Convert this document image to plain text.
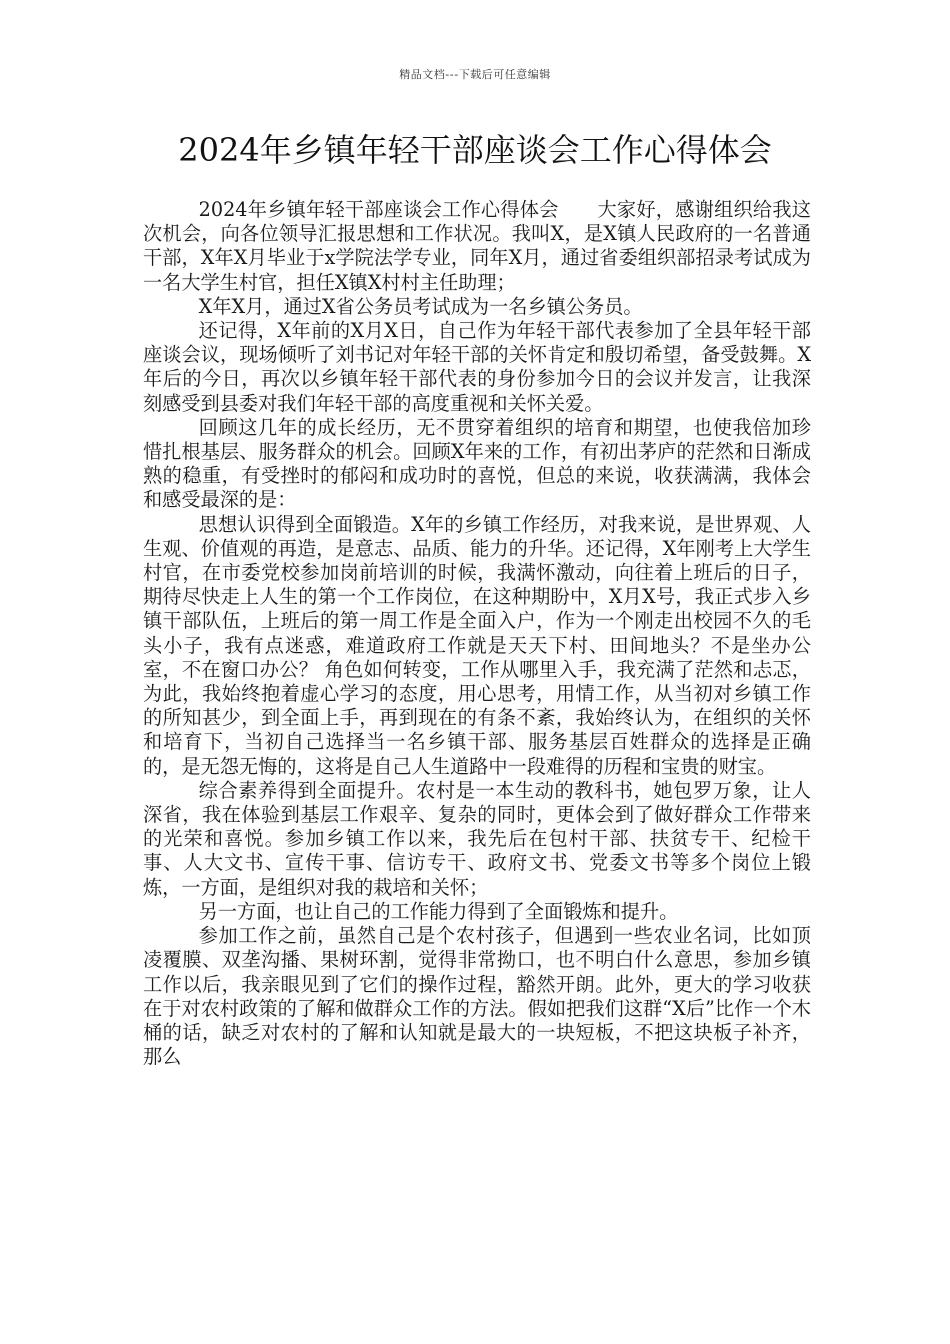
精品文档---下载后可任意编辑
2024年乡镇年轻干部座谈会工作心得体会

2024年乡镇年轻干部座谈会工作心得体会　　大家好，感谢组织给我这次机会，向各位领导汇报思想和工作状况。我叫X，是X镇人民政府的一名普通干部，X年X月毕业于x学院法学专业，同年X月，通过省委组织部招录考试成为一名大学生村官，担任X镇X村村主任助理；

X年X月，通过X省公务员考试成为一名乡镇公务员。

还记得，X年前的X月X日，自己作为年轻干部代表参加了全县年轻干部座谈会议，现场倾听了刘书记对年轻干部的关怀肯定和殷切希望，备受鼓舞。X年后的今日，再次以乡镇年轻干部代表的身份参加今日的会议并发言，让我深刻感受到县委对我们年轻干部的高度重视和关怀关爱。

回顾这几年的成长经历，无不贯穿着组织的培育和期望，也使我倍加珍惜扎根基层、服务群众的机会。回顾X年来的工作，有初出茅庐的茫然和日渐成熟的稳重，有受挫时的郁闷和成功时的喜悦，但总的来说，收获满满，我体会和感受最深的是：

思想认识得到全面锻造。X年的乡镇工作经历，对我来说，是世界观、人生观、价值观的再造，是意志、品质、能力的升华。还记得，X年刚考上大学生村官，在市委党校参加岗前培训的时候，我满怀激动，向往着上班后的日子，期待尽快走上人生的第一个工作岗位，在这种期盼中，X月X号，我正式步入乡镇干部队伍，上班后的第一周工作是全面入户，作为一个刚走出校园不久的毛头小子，我有点迷惑，难道政府工作就是天天下村、田间地头？不是坐办公室，不在窗口办公？ 角色如何转变，工作从哪里入手，我充满了茫然和忐忑，为此，我始终抱着虚心学习的态度，用心思考，用情工作，从当初对乡镇工作的所知甚少，到全面上手，再到现在的有条不紊，我始终认为，在组织的关怀和培育下，当初自己选择当一名乡镇干部、服务基层百姓群众的选择是正确的，是无怨无悔的，这将是自己人生道路中一段难得的历程和宝贵的财宝。

综合素养得到全面提升。农村是一本生动的教科书，她包罗万象，让人深省，我在体验到基层工作艰辛、复杂的同时，更体会到了做好群众工作带来的光荣和喜悦。参加乡镇工作以来，我先后在包村干部、扶贫专干、纪检干事、人大文书、宣传干事、信访专干、政府文书、党委文书等多个岗位上锻炼，一方面，是组织对我的栽培和关怀；

另一方面，也让自己的工作能力得到了全面锻炼和提升。

参加工作之前，虽然自己是个农村孩子，但遇到一些农业名词，比如顶凌覆膜、双垄沟播、果树环割，觉得非常拗口，也不明白什么意思，参加乡镇工作以后，我亲眼见到了它们的操作过程，豁然开朗。此外，更大的学习收获在于对农村政策的了解和做群众工作的方法。假如把我们这群“X后”比作一个木桶的话，缺乏对农村的了解和认知就是最大的一块短板，不把这块板子补齐，那么
